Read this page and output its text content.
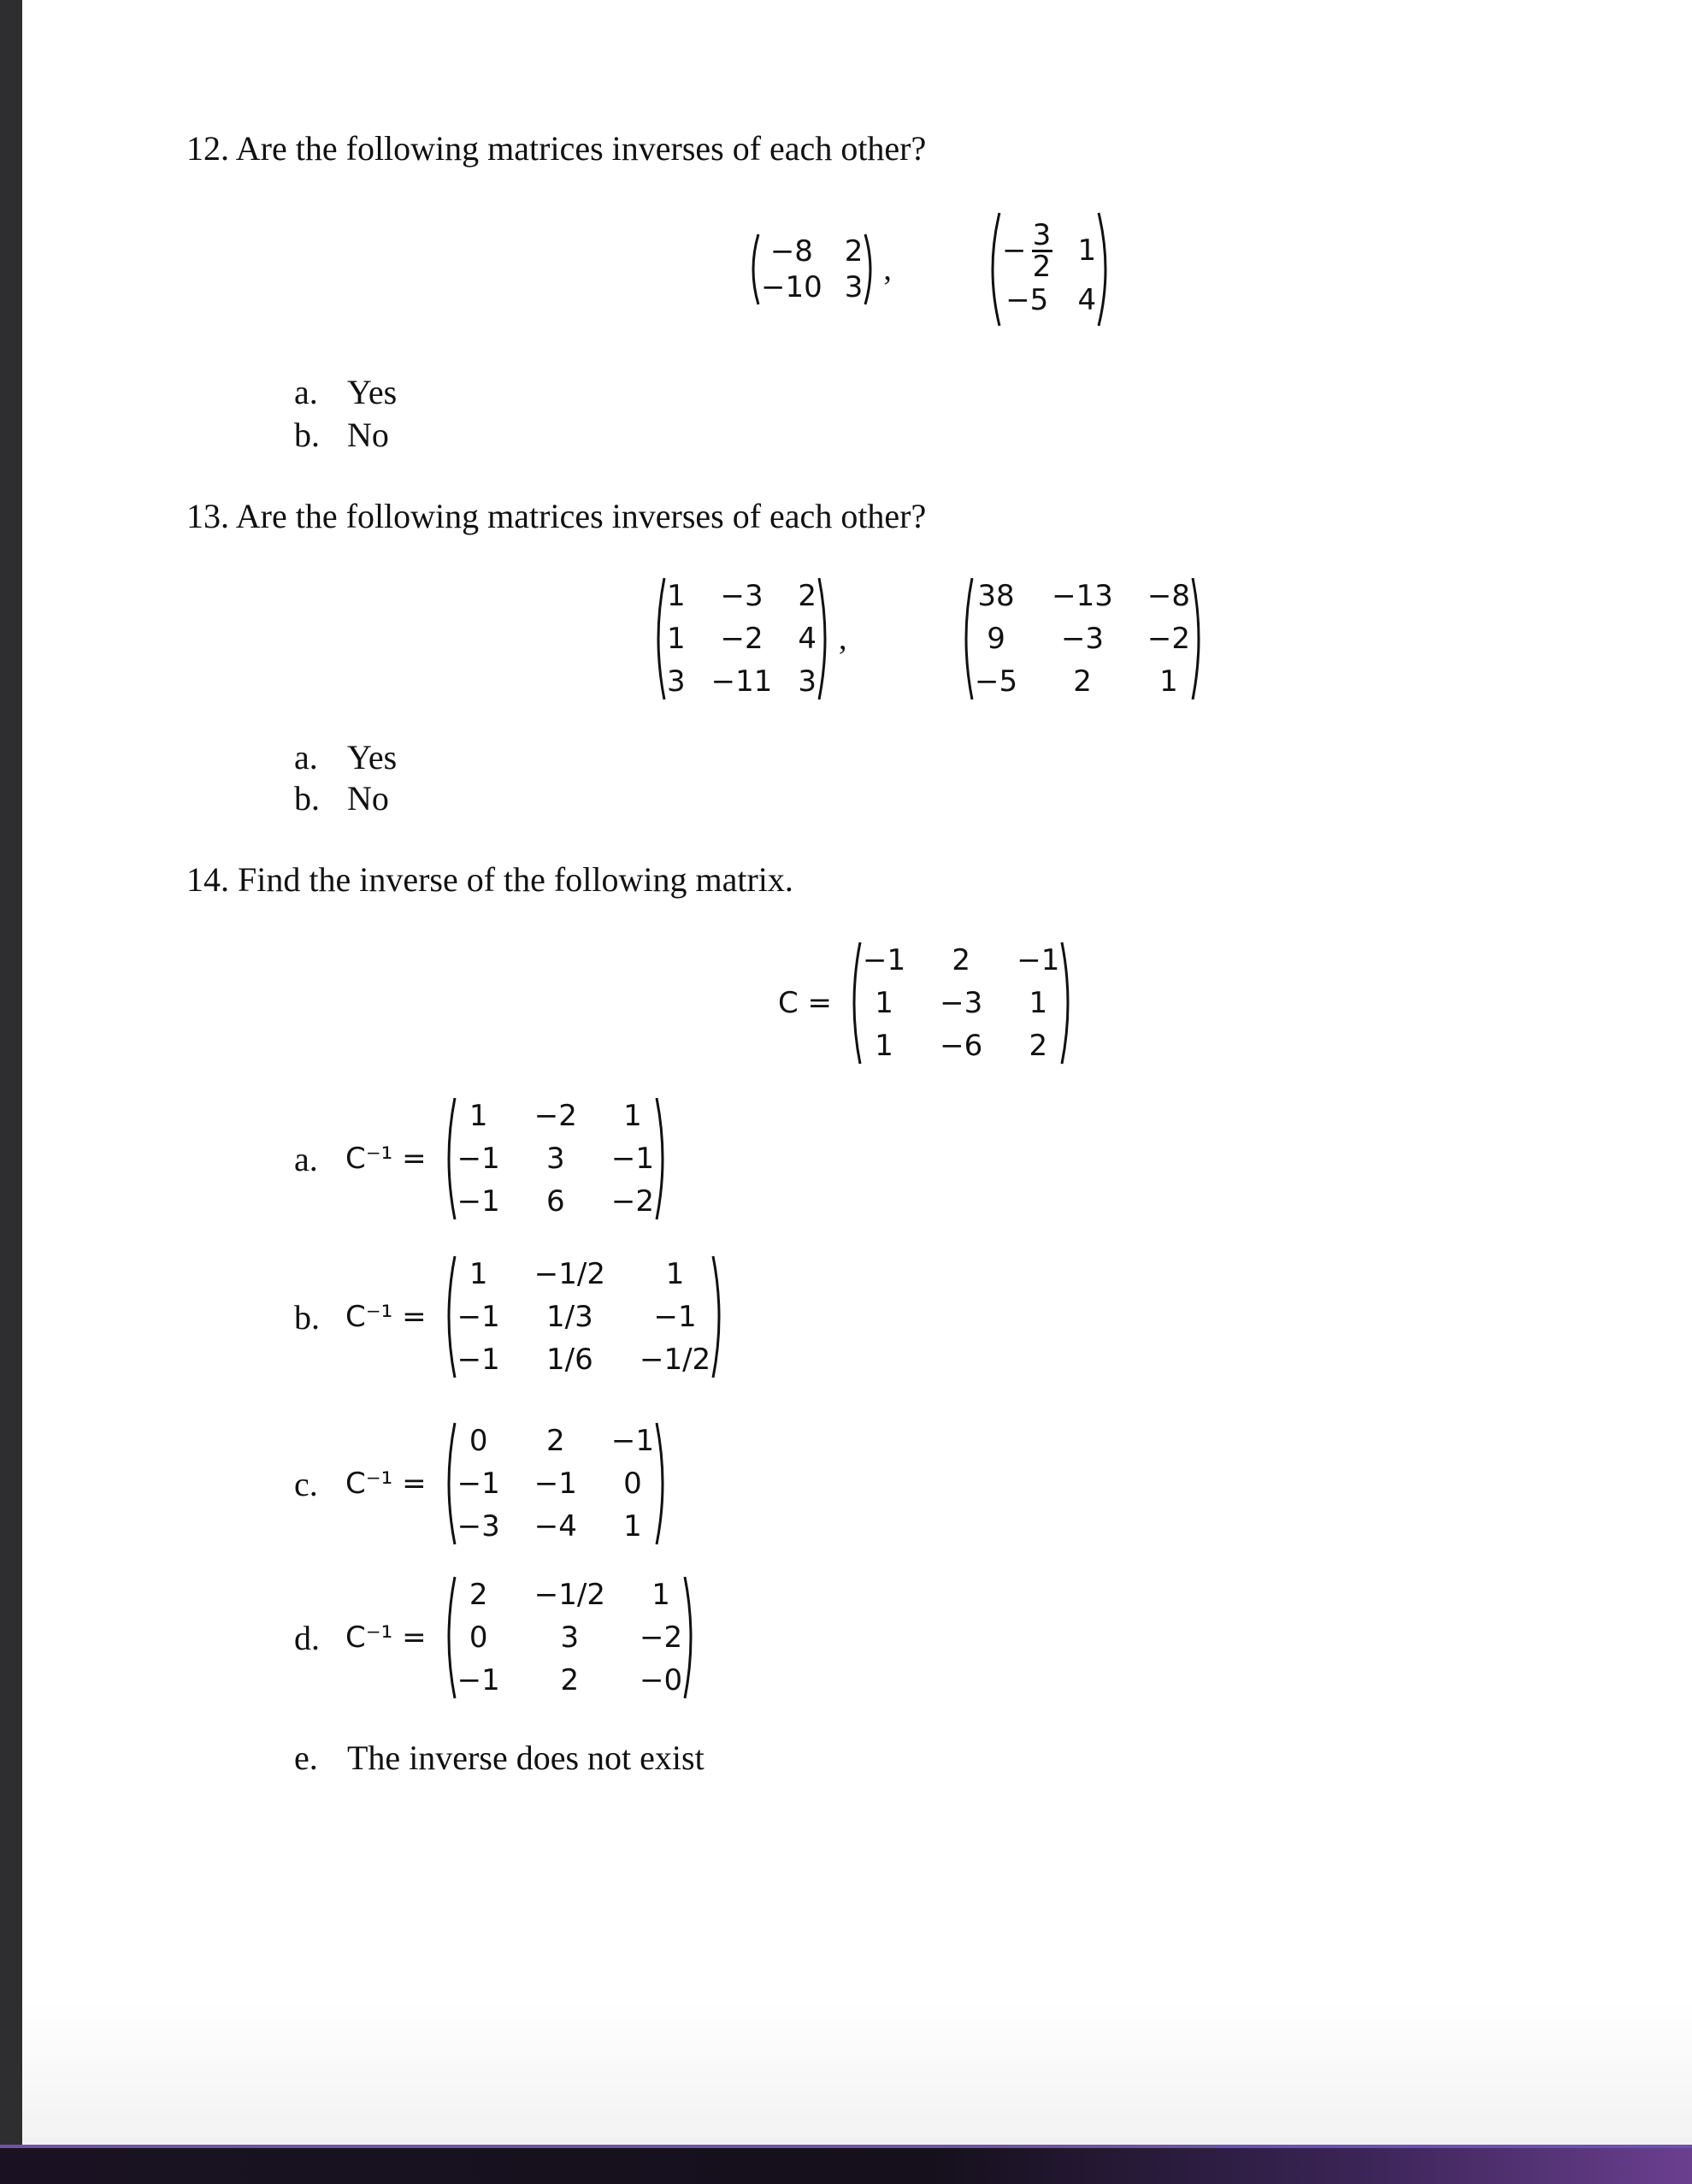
12. Are the following matrices inverses of each other?
−8	2
−10 3 ,
− $\frac{3}{2} 1$
−5 4
a. Yes
b. No
13. Are the following matrices inverses of each other?
1	−3	2
1	−2	4
3 −11 3
,
38 −13 −8
9	−3	−2
−5	2	1
a. Yes
b. No
14. Find the inverse of the following matrix.
C =
−1	2	−1
1	−3	1
1	−6	2
a. C⁻¹ =
1	−2	1
−1	3	−1
−1	6	−2
b. C⁻¹ =
1	−1/2	1
−1	1/3	−1
−1	1/6	−1/2
c. C⁻¹ =
0	2	−1
−1 −1	0
−3 −4	1
d. C⁻¹ =
2	−1/2	1
0	3	−2
−1	2	−0
e. The inverse does not exist
